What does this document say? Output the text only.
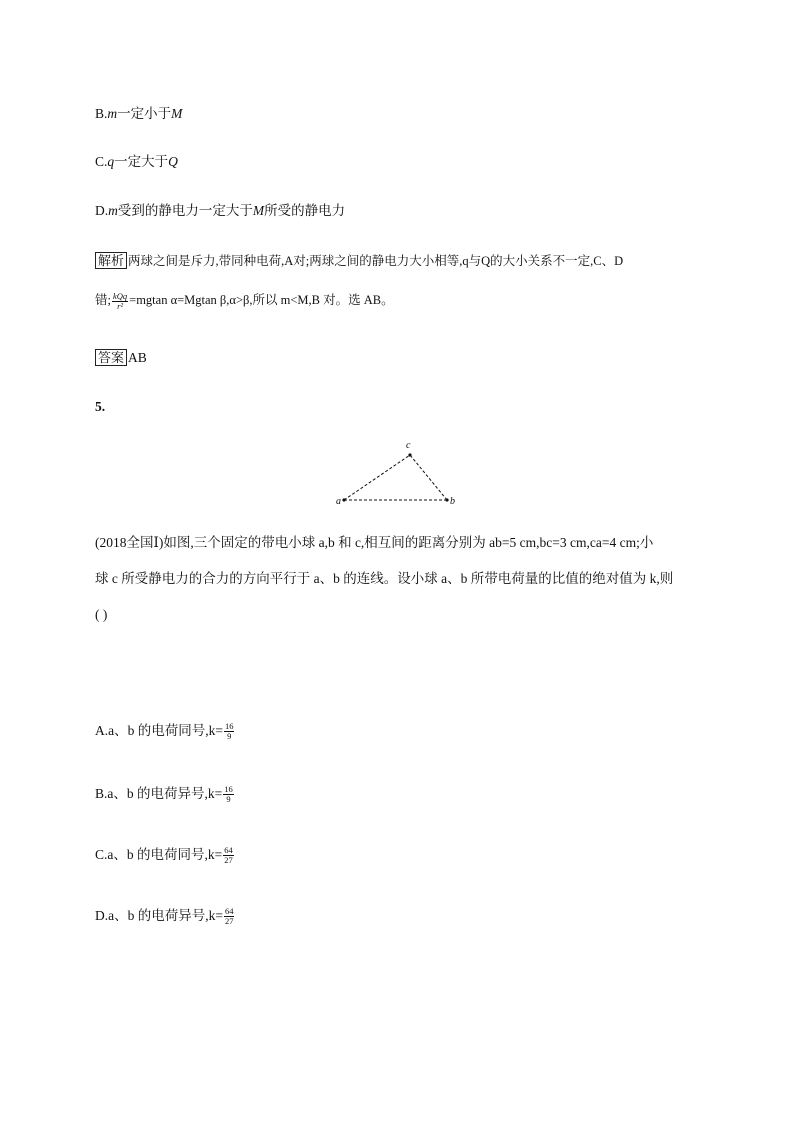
B.m一定小于M
C.q一定大于Q
D.m受到的静电力一定大于M所受的静电力
解析 两球之间是斥力,带同种电荷,A对;两球之间的静电力大小相等,q与Q的大小关系不一定,C、D
错; $\frac{\text{kQq}}{\text{r²}} =mgtan$ α=Mgtan β,α>β,所以 m<M,B 对。选 AB。
答案 AB
5.
a	b
c
(2018全国Ⅰ)如图,三个固定的带电小球 a,b 和 c,相互间的距离分别为 ab=5 cm,bc=3 cm,ca=4 cm;小
球 c 所受静电力的合力的方向平行于 a、b 的连线。设小球 a、b 所带电荷量的比值的绝对值为 k,则
( )
A.a、b 的电荷同号$,k= \frac{16}{9}$
B.a、b 的电荷异号$,k= \frac{16}{9}$
C.a、b 的电荷同号$,k= \frac{64}{27}$
D.a、b 的电荷异号$,k= \frac{64}{27}$
